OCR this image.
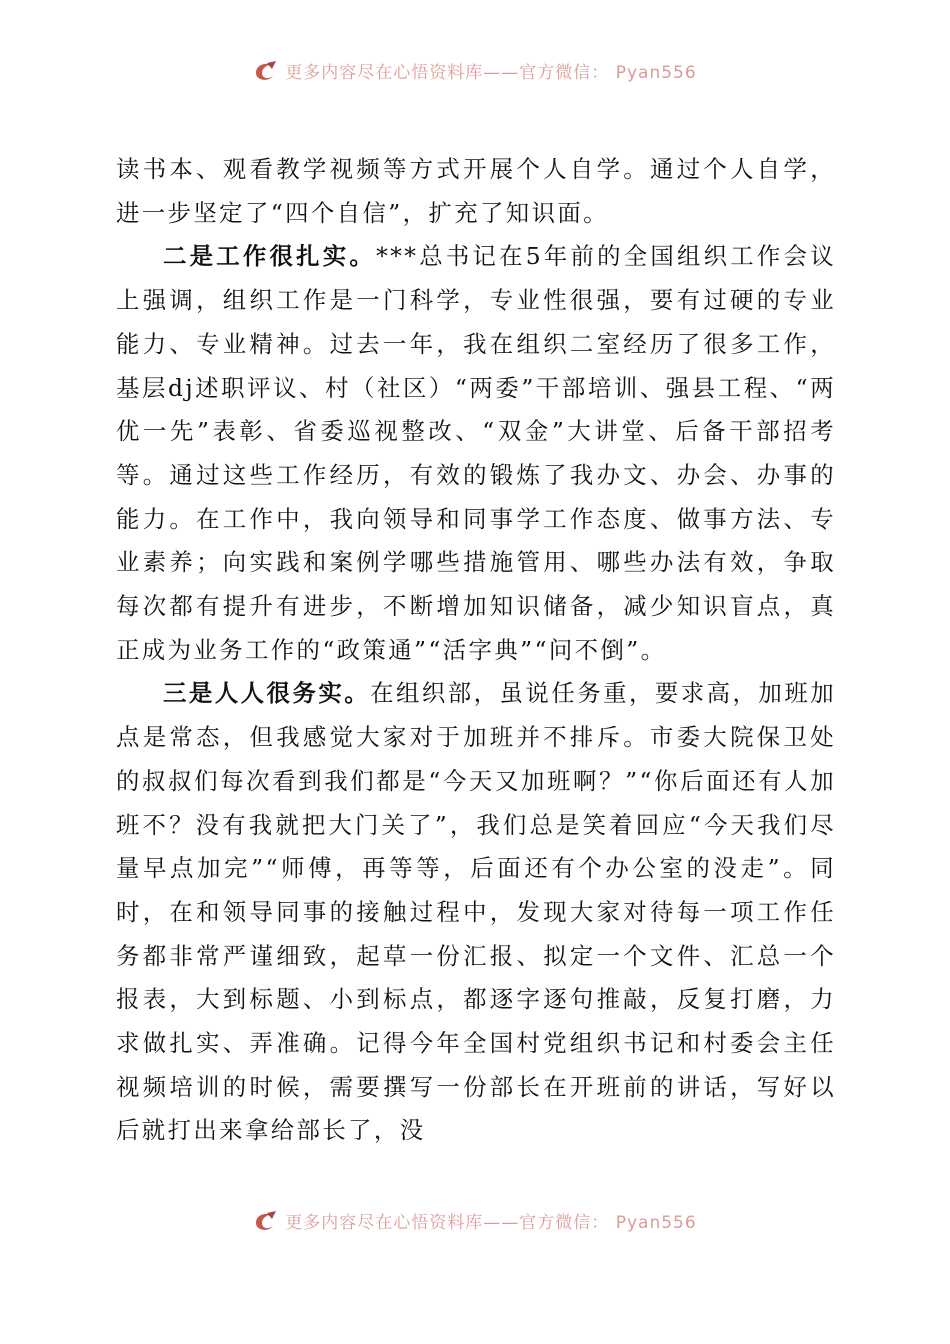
更多内容尽在心悟资料库——官方微信： Pyan556

读书本、观看教学视频等方式开展个人自学。通过个人自学，进一步坚定了“四个自信”，扩充了知识面。

二是工作很扎实。***总书记在5年前的全国组织工作会议上强调，组织工作是一门科学，专业性很强，要有过硬的专业能力、专业精神。过去一年，我在组织二室经历了很多工作，基层dj述职评议、村（社区）“两委”干部培训、强县工程、“两优一先”表彰、省委巡视整改、“双金”大讲堂、后备干部招考等。通过这些工作经历，有效的锻炼了我办文、办会、办事的能力。在工作中，我向领导和同事学工作态度、做事方法、专业素养；向实践和案例学哪些措施管用、哪些办法有效，争取每次都有提升有进步，不断增加知识储备，减少知识盲点，真正成为业务工作的“政策通”“活字典”“问不倒”。

三是人人很务实。在组织部，虽说任务重，要求高，加班加点是常态，但我感觉大家对于加班并不排斥。市委大院保卫处的叔叔们每次看到我们都是“今天又加班啊？”“你后面还有人加班不？没有我就把大门关了”，我们总是笑着回应“今天我们尽量早点加完”“师傅，再等等，后面还有个办公室的没走”。同时，在和领导同事的接触过程中，发现大家对待每一项工作任务都非常严谨细致，起草一份汇报、拟定一个文件、汇总一个报表，大到标题、小到标点，都逐字逐句推敲，反复打磨，力求做扎实、弄准确。记得今年全国村党组织书记和村委会主任视频培训的时候，需要撰写一份部长在开班前的讲话，写好以后就打出来拿给部长了，没

更多内容尽在心悟资料库——官方微信： Pyan556
